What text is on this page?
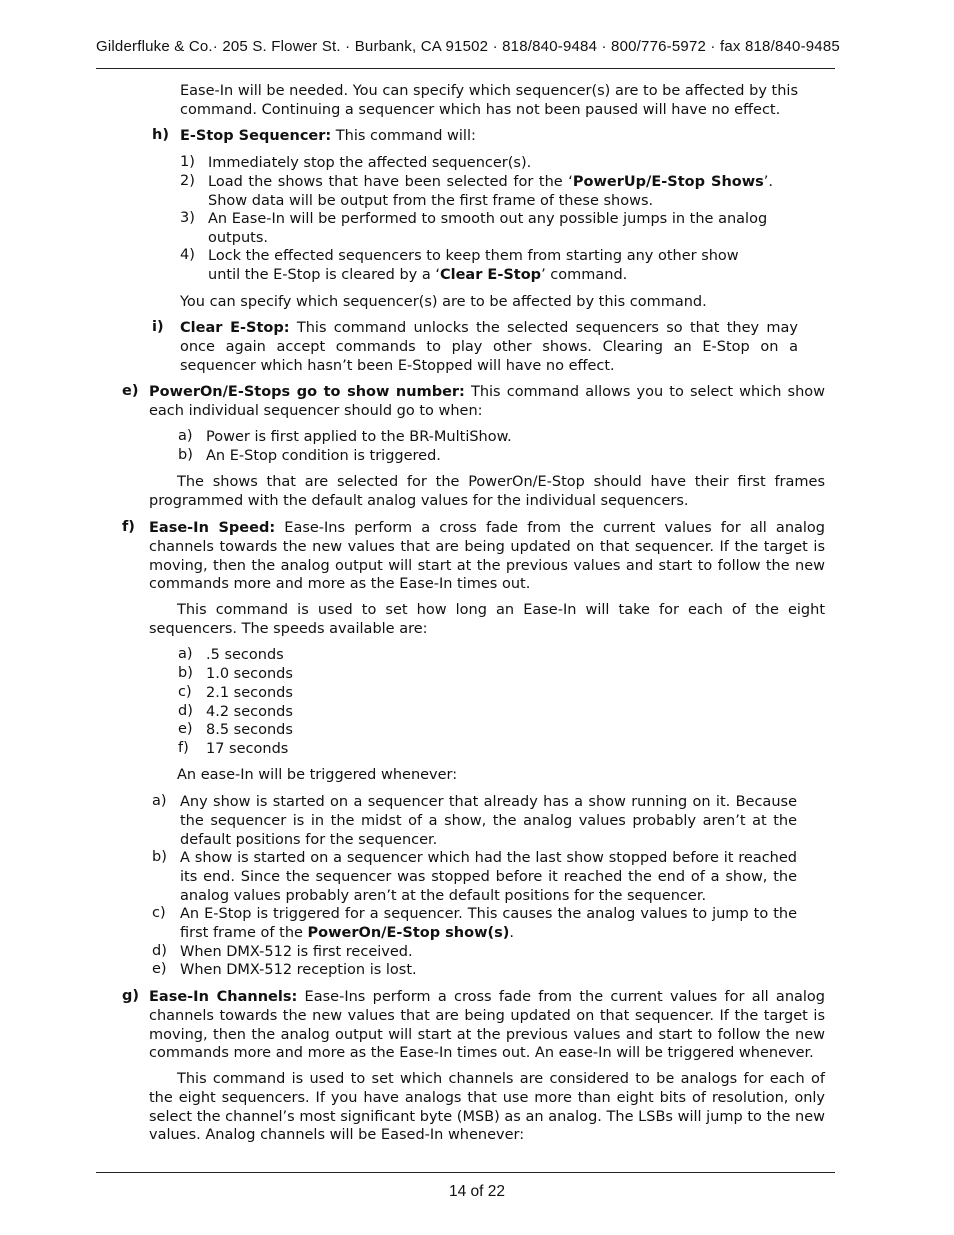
Gilderfluke & Co.· 205 S. Flower St. · Burbank, CA 91502 · 818/840-9484 · 800/776-5972 · fax 818/840-9485
Ease-In will be needed. You can specify which sequencer(s) are to be affected by this command. Continuing a sequencer which has not been paused will have no effect.
h) E-Stop Sequencer: This command will:
1) Immediately stop the affected sequencer(s).
2) Load the shows that have been selected for the ‘PowerUp/E-Stop Shows’. Show data will be output from the first frame of these shows.
3) An Ease-In will be performed to smooth out any possible jumps in the analog outputs.
4) Lock the effected sequencers to keep them from starting any other show until the E-Stop is cleared by a ‘Clear E-Stop’ command.
You can specify which sequencer(s) are to be affected by this command.
i) Clear E-Stop: This command unlocks the selected sequencers so that they may once again accept commands to play other shows. Clearing an E-Stop on a sequencer which hasn’t been E-Stopped will have no effect.
e) PowerOn/E-Stops go to show number: This command allows you to select which show each individual sequencer should go to when:
a) Power is first applied to the BR-MultiShow.
b) An E-Stop condition is triggered.
The shows that are selected for the PowerOn/E-Stop should have their first frames programmed with the default analog values for the individual sequencers.
f) Ease-In Speed: Ease-Ins perform a cross fade from the current values for all analog channels towards the new values that are being updated on that sequencer. If the target is moving, then the analog output will start at the previous values and start to follow the new commands more and more as the Ease-In times out.
This command is used to set how long an Ease-In will take for each of the eight sequencers. The speeds available are:
a) .5 seconds
b) 1.0 seconds
c) 2.1 seconds
d) 4.2 seconds
e) 8.5 seconds
f) 17 seconds
An ease-In will be triggered whenever:
a) Any show is started on a sequencer that already has a show running on it. Because the sequencer is in the midst of a show, the analog values probably aren’t at the default positions for the sequencer.
b) A show is started on a sequencer which had the last show stopped before it reached its end. Since the sequencer was stopped before it reached the end of a show, the analog values probably aren’t at the default positions for the sequencer.
c) An E-Stop is triggered for a sequencer. This causes the analog values to jump to the first frame of the PowerOn/E-Stop show(s).
d) When DMX-512 is first received.
e) When DMX-512 reception is lost.
g) Ease-In Channels: Ease-Ins perform a cross fade from the current values for all analog channels towards the new values that are being updated on that sequencer. If the target is moving, then the analog output will start at the previous values and start to follow the new commands more and more as the Ease-In times out. An ease-In will be triggered whenever.
This command is used to set which channels are considered to be analogs for each of the eight sequencers. If you have analogs that use more than eight bits of resolution, only select the channel’s most significant byte (MSB) as an analog. The LSBs will jump to the new values. Analog channels will be Eased-In whenever:
14 of 22
